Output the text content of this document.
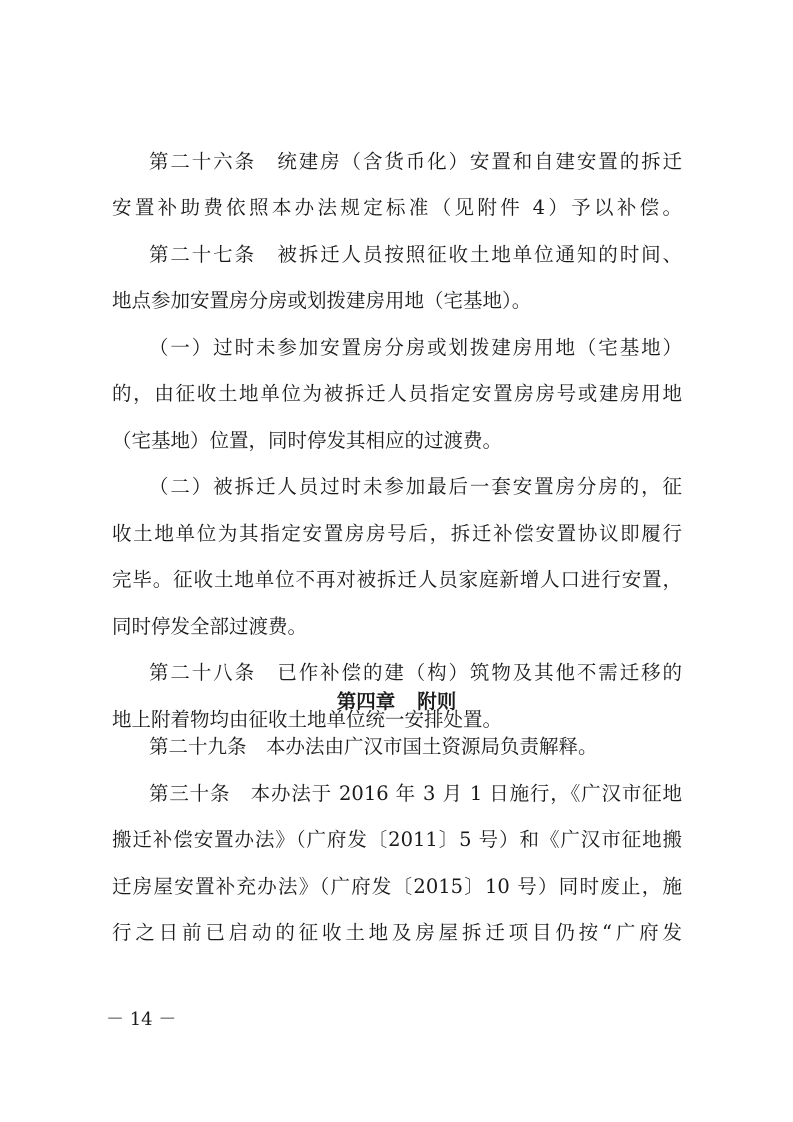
第二十六条　统建房（含货币化）安置和自建安置的拆迁
安置补助费依照本办法规定标准（见附件 4）予以补偿。
第二十七条　被拆迁人员按照征收土地单位通知的时间、
地点参加安置房分房或划拨建房用地（宅基地）。
（一）过时未参加安置房分房或划拨建房用地（宅基地）
的，由征收土地单位为被拆迁人员指定安置房房号或建房用地
（宅基地）位置，同时停发其相应的过渡费。
（二）被拆迁人员过时未参加最后一套安置房分房的，征
收土地单位为其指定安置房房号后，拆迁补偿安置协议即履行
完毕。征收土地单位不再对被拆迁人员家庭新增人口进行安置，
同时停发全部过渡费。
第二十八条　已作补偿的建（构）筑物及其他不需迁移的
地上附着物均由征收土地单位统一安排处置。
第四章 附则
第二十九条　本办法由广汉市国土资源局负责解释。
第三十条　本办法于 2016 年 3 月 1 日施行，《广汉市征地
搬迁补偿安置办法》（广府发〔2011〕5 号）和《广汉市征地搬
迁房屋安置补充办法》（广府发〔2015〕10 号）同时废止，施
行之日前已启动的征收土地及房屋拆迁项目仍按“广府发
－ 14 －
